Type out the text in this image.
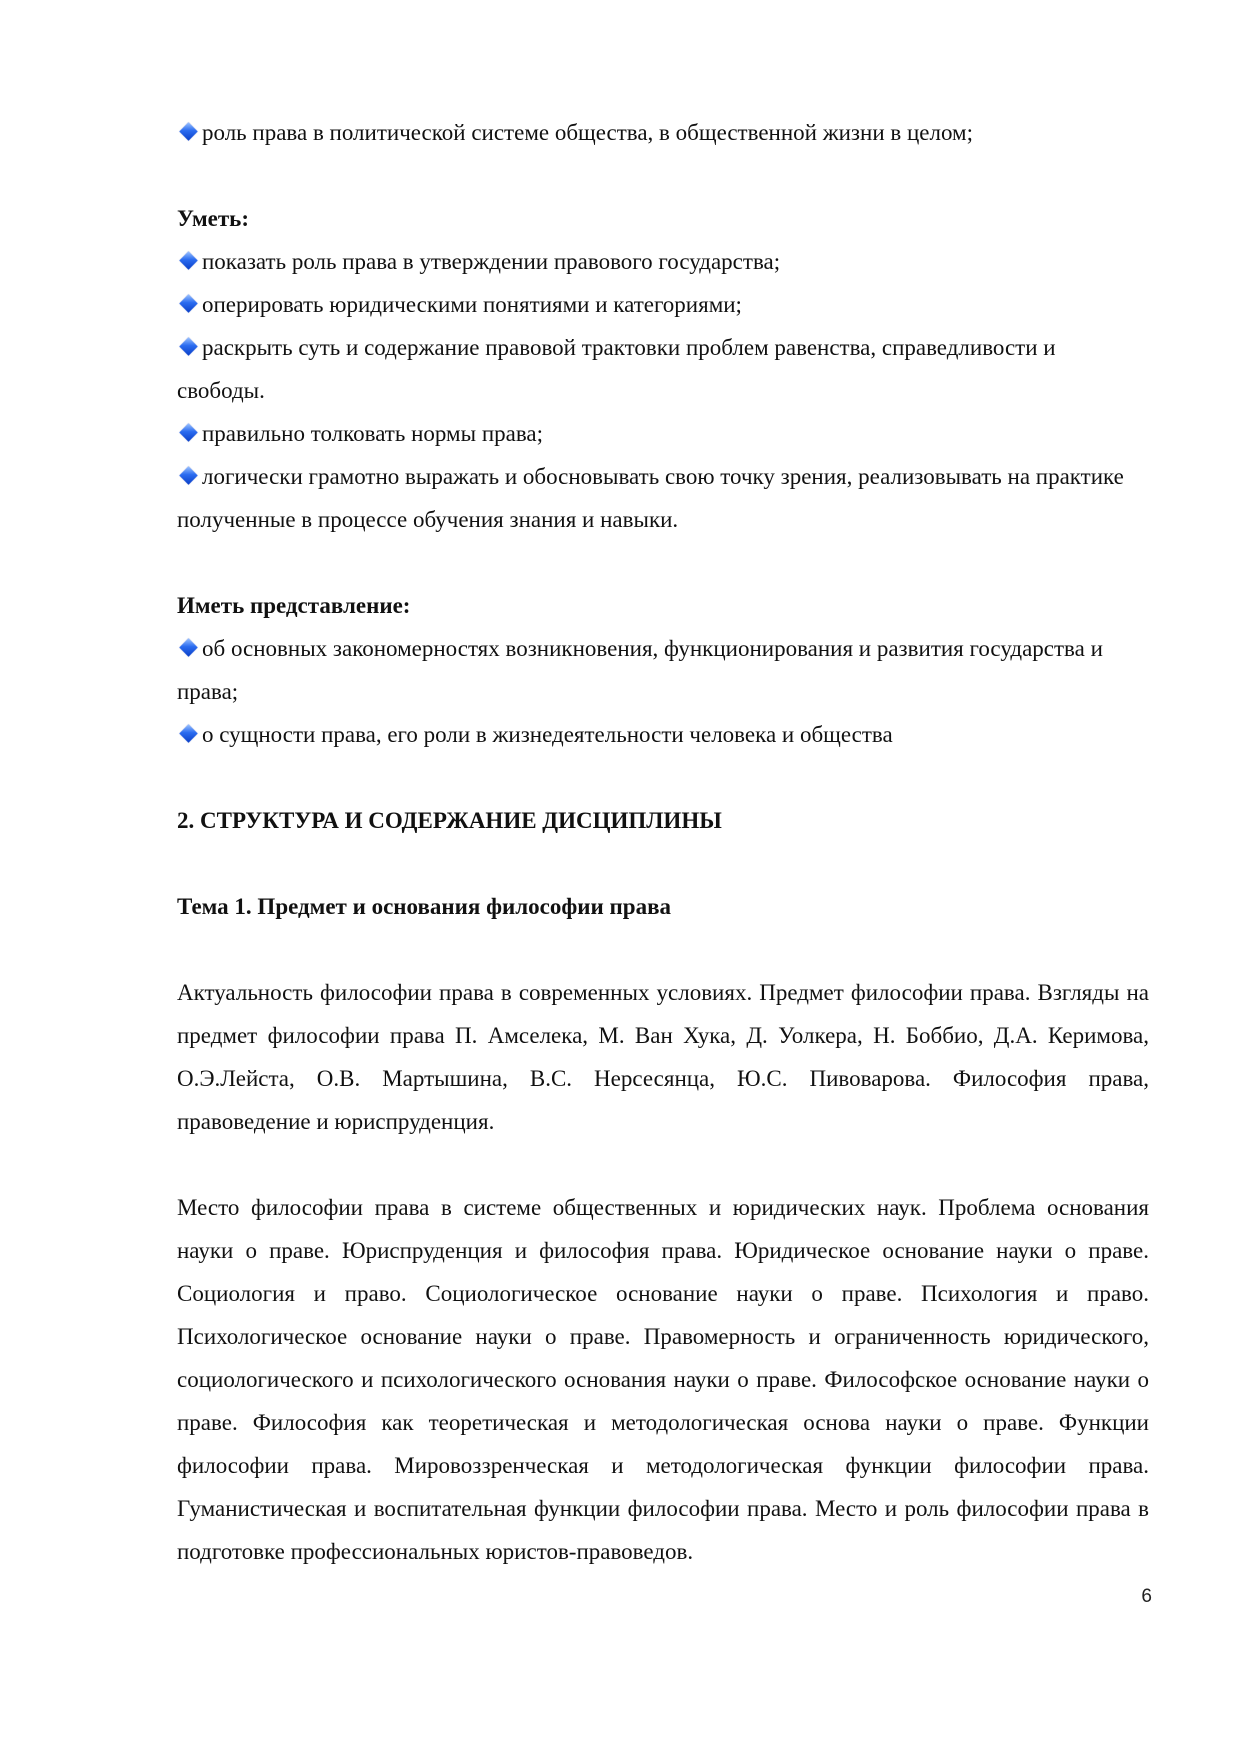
роль права в политической системе общества, в общественной жизни в целом;
Уметь:
показать роль права в утверждении правового государства;
оперировать юридическими понятиями и категориями;
раскрыть суть и содержание правовой трактовки проблем равенства, справедливости и свободы.
правильно толковать нормы права;
логически грамотно выражать и обосновывать свою точку зрения, реализовывать на практике полученные в процессе обучения знания и навыки.
Иметь представление:
об основных закономерностях возникновения, функционирования и развития государства и права;
о сущности права, его роли в жизнедеятельности человека и общества
2. СТРУКТУРА И СОДЕРЖАНИЕ ДИСЦИПЛИНЫ
Тема 1. Предмет и основания философии права
Актуальность философии права в современных условиях. Предмет философии права. Взгляды на предмет философии права П. Амселека, М. Ван Хука, Д. Уолкера, Н. Боббио, Д.А. Керимова, О.Э.Лейста, О.В. Мартышина, В.С. Нерсесянца, Ю.С. Пивоварова. Философия права, правоведение и юриспруденция.
Место философии права в системе общественных и юридических наук. Проблема основания науки о праве. Юриспруденция и философия права. Юридическое основание науки о праве. Социология и право. Социологическое основание науки о праве. Психология и право. Психологическое основание науки о праве. Правомерность и ограниченность юридического, социологического и психологического основания науки о праве. Философское основание науки о праве. Философия как теоретическая и методологическая основа науки о праве. Функции философии права. Мировоззренческая и методологическая функции философии права. Гуманистическая и воспитательная функции философии права. Место и роль философии права в подготовке профессиональных юристов-правоведов.
6
